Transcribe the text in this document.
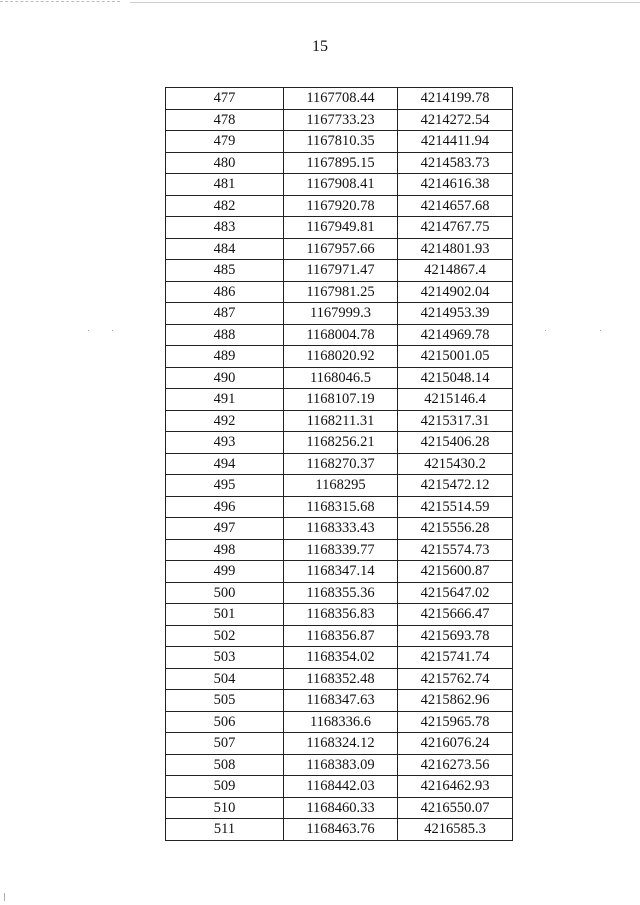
15
477	1167708.44	4214199.78
478	1167733.23	4214272.54
479	1167810.35	4214411.94
480	1167895.15	4214583.73
481	1167908.41	4214616.38
482	1167920.78	4214657.68
483	1167949.81	4214767.75
484	1167957.66	4214801.93
485	1167971.47	4214867.4
486	1167981.25	4214902.04
487	1167999.3	4214953.39
488	1168004.78	4214969.78
489	1168020.92	4215001.05
490	1168046.5	4215048.14
491	1168107.19	4215146.4
492	1168211.31	4215317.31
493	1168256.21	4215406.28
494	1168270.37	4215430.2
495	1168295	4215472.12
496	1168315.68	4215514.59
497	1168333.43	4215556.28
498	1168339.77	4215574.73
499	1168347.14	4215600.87
500	1168355.36	4215647.02
501	1168356.83	4215666.47
502	1168356.87	4215693.78
503	1168354.02	4215741.74
504	1168352.48	4215762.74
505	1168347.63	4215862.96
506	1168336.6	4215965.78
507	1168324.12	4216076.24
508	1168383.09	4216273.56
509	1168442.03	4216462.93
510	1168460.33	4216550.07
511	1168463.76	4216585.3
